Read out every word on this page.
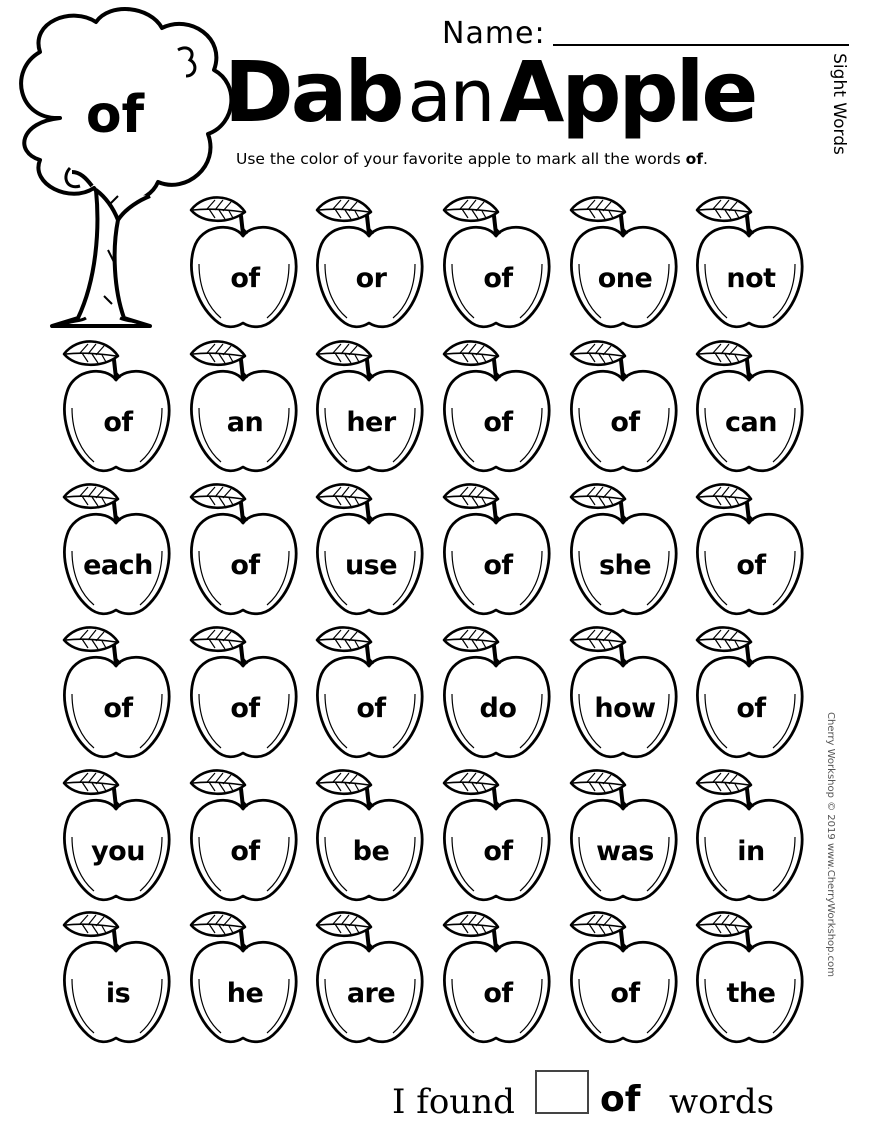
of
Name:
DabanApple	Sight Words
Use the color of your favorite apple to mark all the words of.
of	or	of	one	not
of	an	her	of	of	can
each	of	use	of	she	of
of	of	of	do	how	of
you	of	be	of	was	in
is	he	are	of	of	the
I found of words
Cherry Workshop © 2019 www.CherryWorkshop.com
